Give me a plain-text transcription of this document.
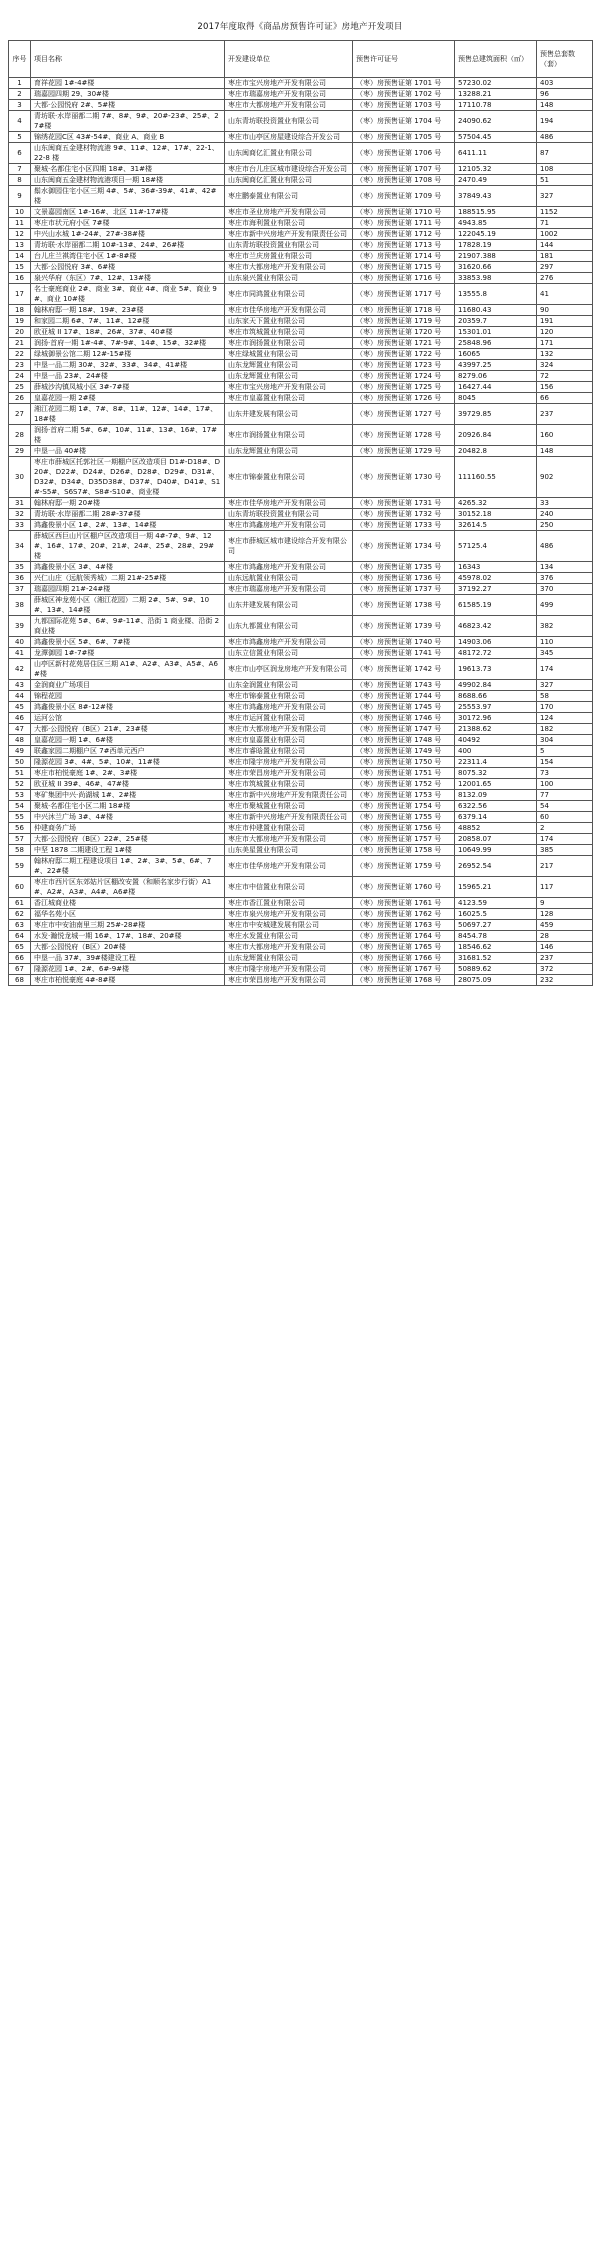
2017年度取得《商品房预售许可证》房地产开发项目
序号	项目名称	开发建设单位	预售许可证号	预售总建筑面积（㎡）	预售总套数（套）
1	育祥花园 1#-4#楼	枣庄市宝兴房地产开发有限公司	（枣）房预售证第 1701 号	57230.02	403
2	瑞嘉园四期 29、30#楼	枣庄市瑞嘉房地产开发有限公司	（枣）房预售证第 1702 号	13288.21	96
3	大都·公园悦府 2#、5#楼	枣庄市大都房地产开发有限公司	（枣）房预售证第 1703 号	17110.78	148
4	青坊联·水岸丽都二期 7#、8#、9#、20#-23#、25#、27#楼	山东青坊联投资置业有限公司	（枣）房预售证第 1704 号	24090.62	194
5	锦绣花园C区 43#-54#、商业 A、商业 B	枣庄市山亭区房屋建设综合开发公司	（枣）房预售证第 1705 号	57504.45	486
6	山东闽商五金建材物流港 9#、11#、12#、17#、22-1、22-8 楼	山东闽商亿汇置业有限公司	（枣）房预售证第 1706 号	6411.11	87
7	聚城·名都住宅小区四期 18#、31#楼	枣庄市台儿庄区城市建设综合开发公司	（枣）房预售证第 1707 号	12105.32	108
8	山东闽商五金建材物流港项目一期 18#楼	山东闽商亿汇置业有限公司	（枣）房预售证第 1708 号	2470.49	51
9	鬃水御园住宅小区三期 4#、5#、36#-39#、41#、42#楼	枣庄鹏泰置业有限公司	（枣）房预售证第 1709 号	37849.43	327
10	文景嘉园南区 1#-16#、北区 11#-17#楼	枣庄市圣业房地产开发有限公司	（枣）房预售证第 1710 号	188515.95	1152
11	枣庄市状元府小区 7#楼	枣庄市海利置业有限公司	（枣）房预售证第 1711 号	4943.85	71
12	中兴山水城 1#-24#、27#-38#楼	枣庄市新中兴房地产开发有限责任公司	（枣）房预售证第 1712 号	122045.19	1002
13	青坊联·水岸丽都二期 10#-13#、24#、26#楼	山东青坊联投资置业有限公司	（枣）房预售证第 1713 号	17828.19	144
14	台儿庄兰祺湾住宅小区 1#-8#楼	枣庄市兰庆房置业有限公司	（枣）房预售证第 1714 号	21907.388	181
15	大都·公园悦府 3#、6#楼	枣庄市大都房地产开发有限公司	（枣）房预售证第 1715 号	31620.66	297
16	泉兴华府（东区）7#、12#、13#楼	山东泉兴置业有限公司	（枣）房预售证第 1716 号	33853.98	276
17	名士豪庭商业 2#、商业 3#、商业 4#、商业 5#、商业 9#、商业 10#楼	枣庄市同鸿置业有限公司	（枣）房预售证第 1717 号	13555.8	41
18	翰林府邸一期 18#、19#、23#楼	枣庄市佳华房地产开发有限公司	（枣）房预售证第 1718 号	11680.43	90
19	和家园二期 6#、7#、11#、12#楼	山东家天下置业有限公司	（枣）房预售证第 1719 号	20359.7	191
20	欧亚城 II 17#、18#、26#、37#、40#楼	枣庄市筑城置业有限公司	（枣）房预售证第 1720 号	15301.01	120
21	润扬·首府一期 1#-4#、7#-9#、14#、15#、32#楼	枣庄市润扬置业有限公司	（枣）房预售证第 1721 号	25848.96	171
22	绿城御景公馆二期 12#-15#楼	枣庄绿城置业有限公司	（枣）房预售证第 1722 号	16065	132
23	中垦一品二期 30#、32#、33#、34#、41#楼	山东龙辉置业有限公司	（枣）房预售证第 1723 号	43997.25	324
24	中垦一品 23#、24#楼	山东龙辉置业有限公司	（枣）房预售证第 1724 号	8279.06	72
25	薛城沙沟镇凤城小区 3#-7#楼	枣庄市宝兴房地产开发有限公司	（枣）房预售证第 1725 号	16427.44	156
26	皇嘉花园一期 2#楼	枣庄市皇嘉置业有限公司	（枣）房预售证第 1726 号	8045	66
27	湘江花园二期 1#、7#、8#、11#、12#、14#、17#、18#楼	山东井建发展有限公司	（枣）房预售证第 1727 号	39729.85	237
28	润扬·首府二期 5#、6#、10#、11#、13#、16#、17#楼	枣庄市润扬置业有限公司	（枣）房预售证第 1728 号	20926.84	160
29	中垦一品 40#楼	山东龙辉置业有限公司	（枣）房预售证第 1729 号	20482.8	148
30	枣庄市薛城区托郭社区一期棚户区改造项目 D1#-D18#、D20#、D22#、D24#、D26#、D28#、D29#、D31#、D32#、D34#、D35D38#、D37#、D40#、D41#、S1#-S5#、S6S7#、S8#-S10#、商业楼	枣庄市锦泰置业有限公司	（枣）房预售证第 1730 号	111160.55	902
31	翰林府邸一期 20#楼	枣庄市佳华房地产开发有限公司	（枣）房预售证第 1731 号	4265.32	33
32	青坊联·水岸丽都二期 28#-37#楼	山东青坊联投资置业有限公司	（枣）房预售证第 1732 号	30152.18	240
33	鸿鑫俊景小区 1#、2#、13#、14#楼	枣庄市鸿鑫房地产开发有限公司	（枣）房预售证第 1733 号	32614.5	250
34	薛城区西巨山片区棚户区改造项目一期 4#-7#、9#、12#、16#、17#、20#、21#、24#、25#、28#、29#楼	枣庄市薛城区城市建设综合开发有限公司	（枣）房预售证第 1734 号	57125.4	486
35	鸿鑫俊景小区 3#、4#楼	枣庄市鸿鑫房地产开发有限公司	（枣）房预售证第 1735 号	16343	134
36	兴仁山庄（远航领秀城）二期 21#-25#楼	山东远航置业有限公司	（枣）房预售证第 1736 号	45978.02	376
37	瑞嘉园四期 21#-24#楼	枣庄市瑞嘉房地产开发有限公司	（枣）房预售证第 1737 号	37192.27	370
38	薛城区神龙苑小区（湘江花园）二期 2#、5#、9#、10#、13#、14#楼	山东井建发展有限公司	（枣）房预售证第 1738 号	61585.19	499
39	九都国际花苑 5#、6#、9#-11#、沿街 1 商业楼、沿街 2 商业楼	山东九都置业有限公司	（枣）房预售证第 1739 号	46823.42	382
40	鸿鑫俊景小区 5#、6#、7#楼	枣庄市鸿鑫房地产开发有限公司	（枣）房预售证第 1740 号	14903.06	110
41	龙潭御园 1#-7#楼	山东立信置业有限公司	（枣）房预售证第 1741 号	48172.72	345
42	山亭区新村花苑居住区三期 A1#、A2#、A3#、A5#、A6#楼	枣庄市山亭区润龙房地产开发有限公司	（枣）房预售证第 1742 号	19613.73	174
43	金润商业广场项目	山东金润置业有限公司	（枣）房预售证第 1743 号	49902.84	327
44	锦程花园	枣庄市锦泰置业有限公司	（枣）房预售证第 1744 号	8688.66	58
45	鸿鑫俊景小区 8#-12#楼	枣庄市鸿鑫房地产开发有限公司	（枣）房预售证第 1745 号	25553.97	170
46	运河公馆	枣庄市运河置业有限公司	（枣）房预售证第 1746 号	30172.96	124
47	大都·公园悦府（B区）21#、23#楼	枣庄市大都房地产开发有限公司	（枣）房预售证第 1747 号	21388.62	182
48	皇嘉花园一期 1#、6#楼	枣庄市皇嘉置业有限公司	（枣）房预售证第 1748 号	40492	304
49	联鑫家园二期棚户区 7#西单元西户	枣庄市睿晗置业有限公司	（枣）房预售证第 1749 号	400	5
50	隆源花园 3#、4#、5#、10#、11#楼	枣庄市隆宇房地产开发有限公司	（枣）房预售证第 1750 号	22311.4	154
51	枣庄市柏悦豪庭 1#、2#、3#楼	枣庄市荣昌房地产开发有限公司	（枣）房预售证第 1751 号	8075.32	73
52	欧亚城 II 39#、46#、47#楼	枣庄市筑城置业有限公司	（枣）房预售证第 1752 号	12001.65	100
53	枣矿集团中兴·尚湖城 1#、2#楼	枣庄市新中兴房地产开发有限责任公司	（枣）房预售证第 1753 号	8132.09	77
54	聚城·名都住宅小区二期 18#楼	枣庄市聚城置业有限公司	（枣）房预售证第 1754 号	6322.56	54
55	中兴沐兰广场 3#、4#楼	枣庄市新中兴房地产开发有限责任公司	（枣）房预售证第 1755 号	6379.14	60
56	仲建商务广场	枣庄市仲建置业有限公司	（枣）房预售证第 1756 号	48852	2
57	大都·公园悦府（B区）22#、25#楼	枣庄市大都房地产开发有限公司	（枣）房预售证第 1757 号	20858.07	174
58	中坚 1878 二期建设工程 1#楼	山东美星置业有限公司	（枣）房预售证第 1758 号	10649.99	385
59	翰林府邸二期工程建设项目 1#、2#、3#、5#、6#、7#、22#楼	枣庄市佳华房地产开发有限公司	（枣）房预售证第 1759 号	26952.54	217
60	枣庄市西片区东郊姑片区棚改安置（和顺名家步行街）A1#、A2#、A3#、A4#、A6#楼	枣庄市中信置业有限公司	（枣）房预售证第 1760 号	15965.21	117
61	香江城商业楼	枣庄市香江置业有限公司	（枣）房预售证第 1761 号	4123.59	9
62	福华名苑小区	枣庄市泉兴房地产开发有限公司	（枣）房预售证第 1762 号	16025.5	128
63	枣庄市中安油南里三期 25#-28#楼	枣庄市中安城建发展有限公司	（枣）房预售证第 1763 号	50697.27	459
64	水发·瀚悦龙城一期 16#、17#、18#、20#楼	枣庄水发置业有限公司	（枣）房预售证第 1764 号	8454.78	28
65	大都·公园悦府（B区）20#楼	枣庄市大都房地产开发有限公司	（枣）房预售证第 1765 号	18546.62	146
66	中垦一品 37#、39#楼建设工程	山东龙辉置业有限公司	（枣）房预售证第 1766 号	31681.52	237
67	隆源花园 1#、2#、6#-9#楼	枣庄市隆宇房地产开发有限公司	（枣）房预售证第 1767 号	50889.62	372
68	枣庄市柏悦豪庭 4#-8#楼	枣庄市荣昌房地产开发有限公司	（枣）房预售证第 1768 号	28075.09	232
